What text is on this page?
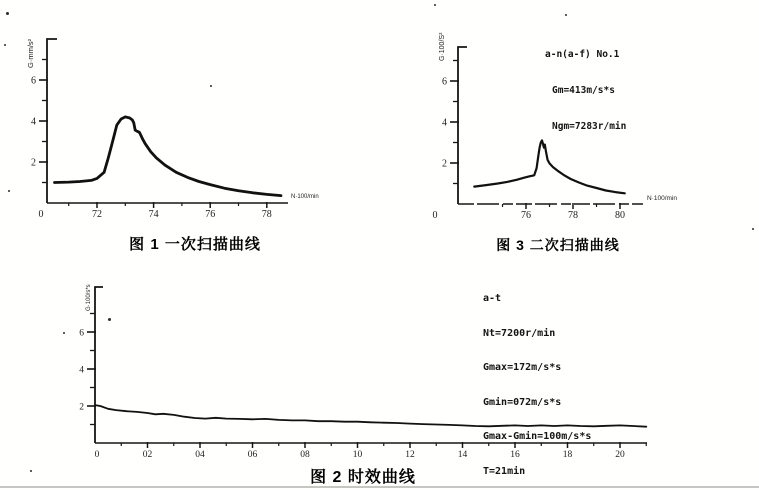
2
4
6
72	74	76	78
0
N·100/min
G·mm/s²
2
4
6
76	78	80
0
N·100/min
G·100/S²
2
4
6
02	04	06	08	10	12	14	16	18	20
0
G·100/s*s
图 1 一次扫描曲线	图 3 二次扫描曲线
图 2 时效曲线

a-n(a-f) No.1

Gm=413m/s*s

Ngm=7283r/min

a-t

Nt=7200r/min

Gmax=172m/s*s

Gmin=072m/s*s

Gmax-Gmin=100m/s*s

T=21min
